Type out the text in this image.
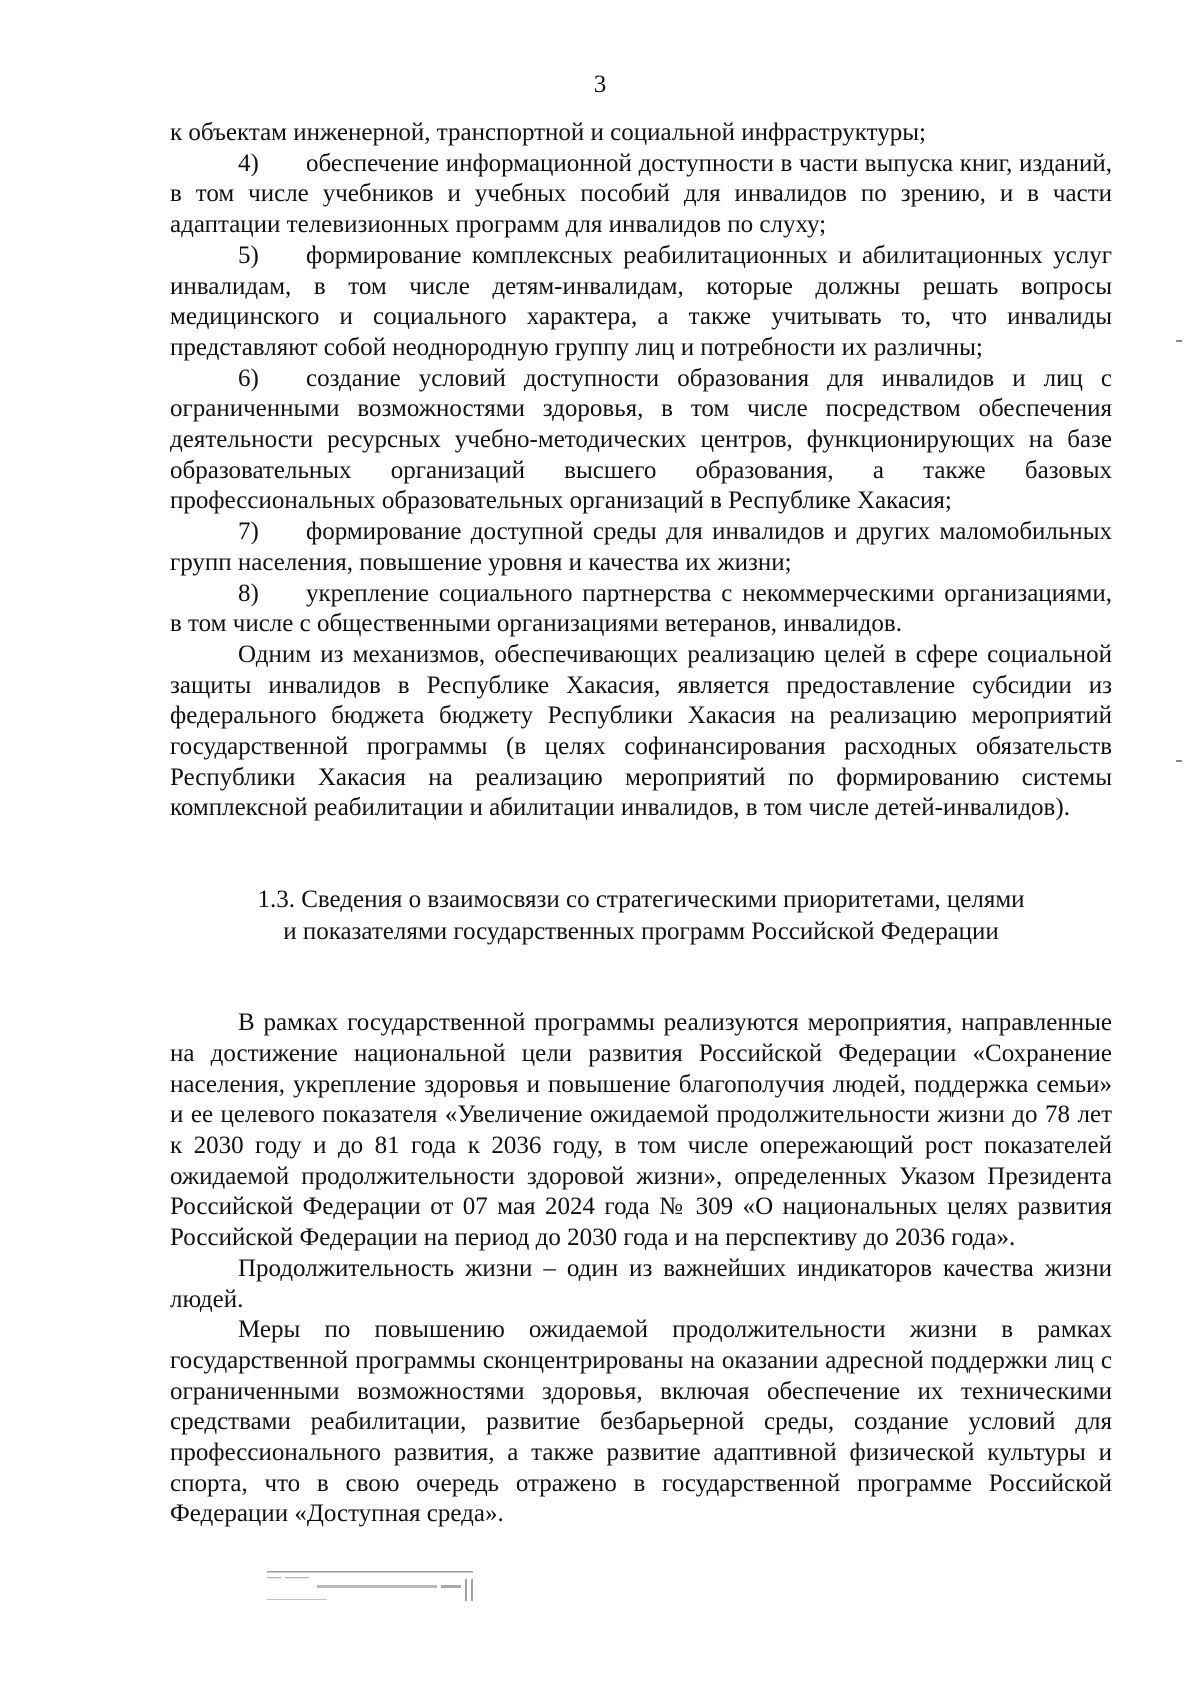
3

к объектам инженерной, транспортной и социальной инфраструктуры;

4) обеспечение информационной доступности в части выпуска книг, изданий, в том числе учебников и учебных пособий для инвалидов по зрению, и в части адаптации телевизионных программ для инвалидов по слуху;

5) формирование комплексных реабилитационных и абилитационных услуг инвалидам, в том числе детям-инвалидам, которые должны решать вопросы медицинского и социального характера, а также учитывать то, что инвалиды представляют собой неоднородную группу лиц и потребности их различны;

6) создание условий доступности образования для инвалидов и лиц с ограниченными возможностями здоровья, в том числе посредством обеспечения деятельности ресурсных учебно-методических центров, функционирующих на базе образовательных организаций высшего образования, а также базовых профессиональных образовательных организаций в Республике Хакасия;

7) формирование доступной среды для инвалидов и других маломобильных групп населения, повышение уровня и качества их жизни;

8) укрепление социального партнерства с некоммерческими организациями, в том числе с общественными организациями ветеранов, инвалидов.

Одним из механизмов, обеспечивающих реализацию целей в сфере социальной защиты инвалидов в Республике Хакасия, является предоставление субсидии из федерального бюджета бюджету Республики Хакасия на реализацию мероприятий государственной программы (в целях софинансирования расходных обязательств Республики Хакасия на реализацию мероприятий по формированию системы комплексной реабилитации и абилитации инвалидов, в том числе детей-инвалидов).

1.3. Сведения о взаимосвязи со стратегическими приоритетами, целями
и показателями государственных программ Российской Федерации

В рамках государственной программы реализуются мероприятия, направленные на достижение национальной цели развития Российской Федерации «Сохранение населения, укрепление здоровья и повышение благополучия людей, поддержка семьи» и ее целевого показателя «Увеличение ожидаемой продолжительности жизни до 78 лет к 2030 году и до 81 года к 2036 году, в том числе опережающий рост показателей ожидаемой продолжительности здоровой жизни», определенных Указом Президента Российской Федерации от 07 мая 2024 года № 309 «О национальных целях развития Российской Федерации на период до 2030 года и на перспективу до 2036 года».

Продолжительность жизни – один из важнейших индикаторов качества жизни людей.

Меры по повышению ожидаемой продолжительности жизни в рамках государственной программы сконцентрированы на оказании адресной поддержки лиц с ограниченными возможностями здоровья, включая обеспечение их техническими средствами реабилитации, развитие безбарьерной среды, создание условий для профессионального развития, а также развитие адаптивной физической культуры и спорта, что в свою очередь отражено в государственной программе Российской Федерации «Доступная среда».
